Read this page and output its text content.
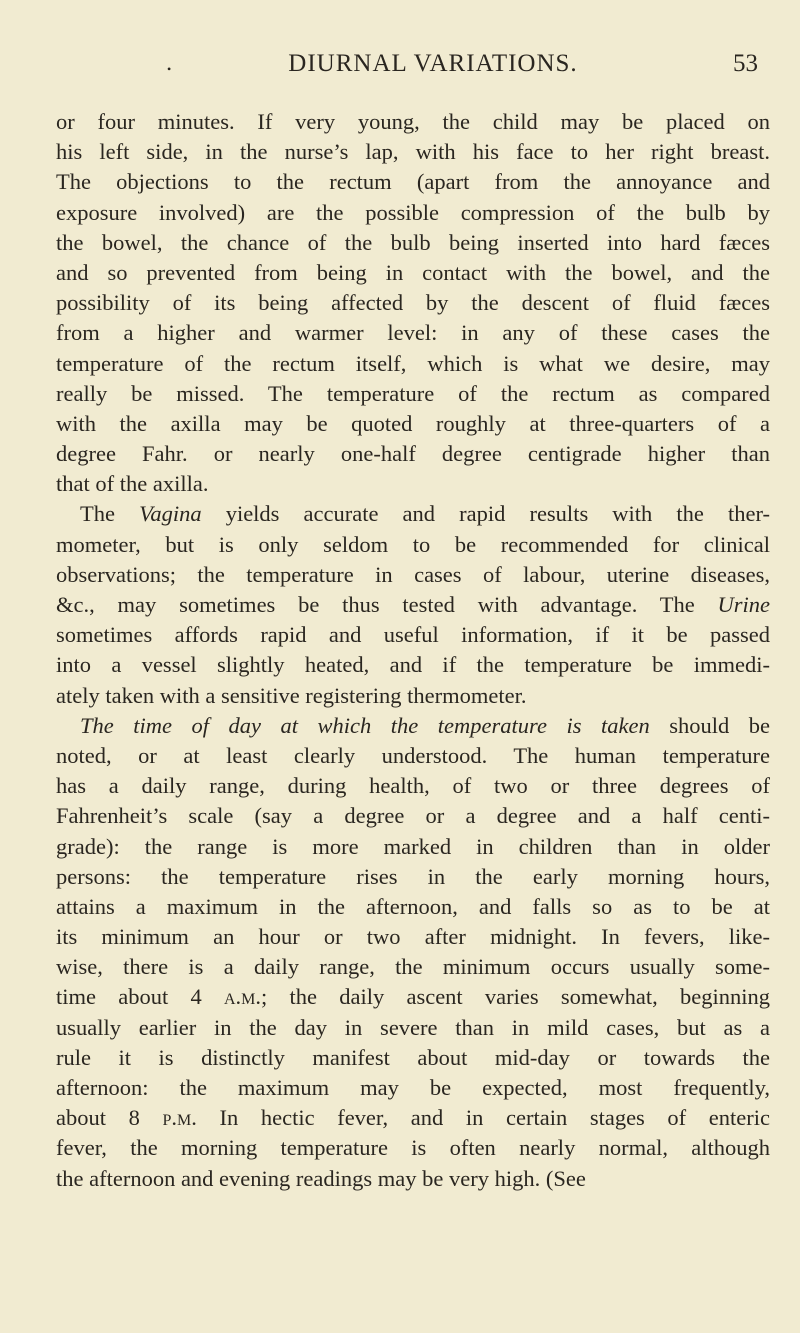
•	DIURNAL VARIATIONS.	53
or four minutes. If very young, the child may be placed on
his left side, in the nurse’s lap, with his face to her right breast.
The objections to the rectum (apart from the annoyance and
exposure involved) are the possible compression of the bulb by
the bowel, the chance of the bulb being inserted into hard fæces
and so prevented from being in contact with the bowel, and the
possibility of its being affected by the descent of fluid fæces
from a higher and warmer level: in any of these cases the
temperature of the rectum itself, which is what we desire, may
really be missed. The temperature of the rectum as compared
with the axilla may be quoted roughly at three-quarters of a
degree Fahr. or nearly one-half degree centigrade higher than
that of the axilla.
The Vagina yields accurate and rapid results with the ther-
mometer, but is only seldom to be recommended for clinical
observations; the temperature in cases of labour, uterine diseases,
&c., may sometimes be thus tested with advantage. The Urine
sometimes affords rapid and useful information, if it be passed
into a vessel slightly heated, and if the temperature be immedi-
ately taken with a sensitive registering thermometer.
The time of day at which the temperature is taken should be
noted, or at least clearly understood. The human temperature
has a daily range, during health, of two or three degrees of
Fahrenheit’s scale (say a degree or a degree and a half centi-
grade): the range is more marked in children than in older
persons: the temperature rises in the early morning hours,
attains a maximum in the afternoon, and falls so as to be at
its minimum an hour or two after midnight. In fevers, like-
wise, there is a daily range, the minimum occurs usually some-
time about 4 a.m.; the daily ascent varies somewhat, beginning
usually earlier in the day in severe than in mild cases, but as a
rule it is distinctly manifest about mid-day or towards the
afternoon: the maximum may be expected, most frequently,
about 8 p.m. In hectic fever, and in certain stages of enteric
fever, the morning temperature is often nearly normal, although
the afternoon and evening readings may be very high. (See
